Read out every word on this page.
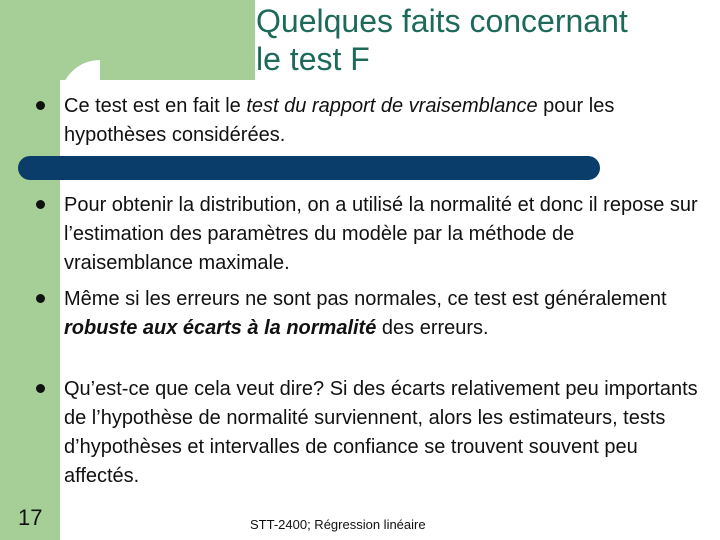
Quelques faits concernant
le test F
Ce test est en fait le test du rapport de vraisemblance pour les hypothèses considérées.
Pour obtenir la distribution, on a utilisé la normalité et donc il repose sur l’estimation des paramètres du modèle par la méthode de vraisemblance maximale.
Même si les erreurs ne sont pas normales, ce test est généralement robuste aux écarts à la normalité des erreurs.
Qu’est-ce que cela veut dire? Si des écarts relativement peu importants de l’hypothèse de normalité surviennent, alors les estimateurs, tests d’hypothèses et intervalles de confiance se trouvent souvent peu affectés.
17	STT-2400; Régression linéaire
